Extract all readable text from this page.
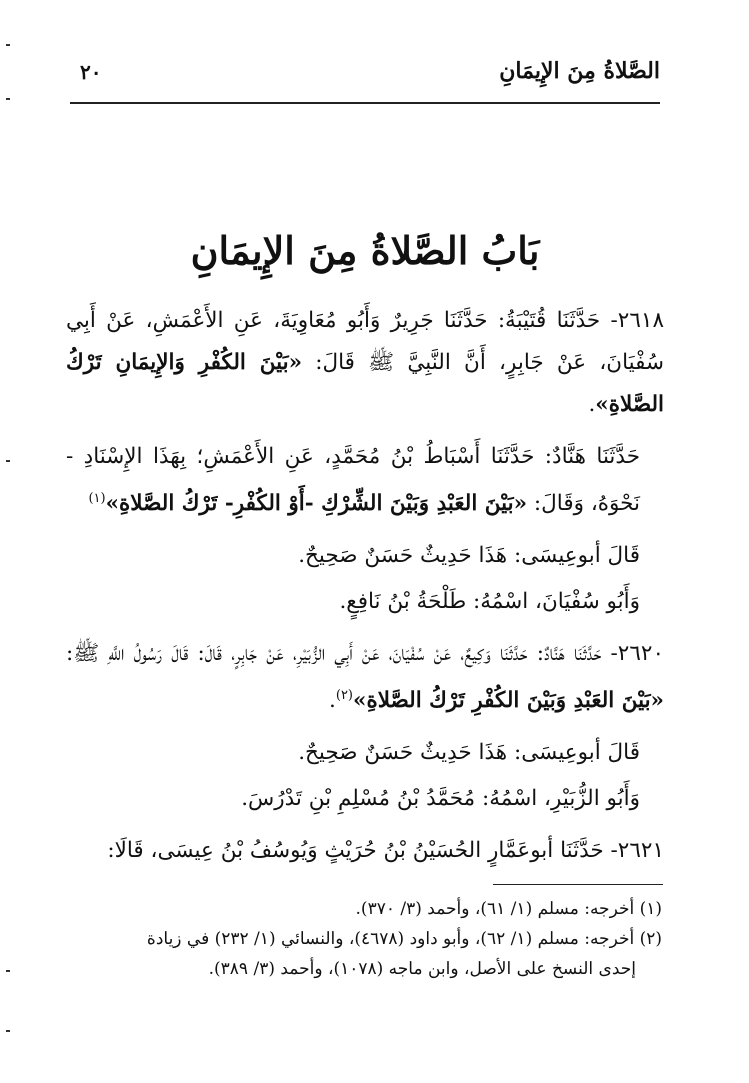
الصَّلاةُ مِنَ الإِيمَانِ
٢٠
بَابُ الصَّلاةُ مِنَ الإِيمَانِ

٢٦١٨- حَدَّثَنَا قُتَيْبَةُ: حَدَّثَنَا جَرِيرٌ وَأَبُو مُعَاوِيَةَ، عَنِ الأَعْمَشِ، عَنْ أَبِي سُفْيَانَ، عَنْ جَابِرٍ، أَنَّ النَّبِيَّ ﷺ قَالَ: «بَيْنَ الكُفْرِ وَالإِيمَانِ تَرْكُ الصَّلاةِ».

حَدَّثَنَا هَنَّادٌ: حَدَّثَنَا أَسْبَاطُ بْنُ مُحَمَّدٍ، عَنِ الأَعْمَشِ؛ بِهَذَا الإِسْنَادِ - نَحْوَهُ، وَقَالَ: «بَيْنَ العَبْدِ وَبَيْنَ الشِّرْكِ -أَوْ الكُفْرِ- تَرْكُ الصَّلاةِ»$^{(١)}$

قَالَ أبوعِيسَى: هَذَا حَدِيثٌ حَسَنٌ صَحِيحٌ.

وَأَبُو سُفْيَانَ، اسْمُهُ: طَلْحَةُ بْنُ نَافِعٍ.

٢٦٢٠- حَدَّثَنَا هَنَّادٌ: حَدَّثَنَا وَكِيعٌ، عَنْ سُفْيَانَ، عَنْ أَبِي الزُّبَيْرِ، عَنْ جَابِرٍ، قَالَ: قَالَ رَسُولُ اللَّهِ ﷺ: «بَيْنَ العَبْدِ وَبَيْنَ الكُفْرِ تَرْكُ الصَّلاةِ»$^{(٢)}$.

قَالَ أبوعِيسَى: هَذَا حَدِيثٌ حَسَنٌ صَحِيحٌ.

وَأَبُو الزُّبَيْرِ، اسْمُهُ: مُحَمَّدُ بْنُ مُسْلِمِ بْنِ تَدْرُسَ.

٢٦٢١- حَدَّثَنَا أبوعَمَّارٍ الحُسَيْنُ بْنُ حُرَيْثٍ وَيُوسُفُ بْنُ عِيسَى، قَالَا:

(١) أخرجه: مسلم (١/ ٦١)، وأحمد (٣/ ٣٧٠).

(٢) أخرجه: مسلم (١/ ٦٢)، وأبو داود (٤٦٧٨)، والنسائي (١/ ٢٣٢) في زيادة

إحدى النسخ على الأصل، وابن ماجه (١٠٧٨)، وأحمد (٣/ ٣٨٩).
